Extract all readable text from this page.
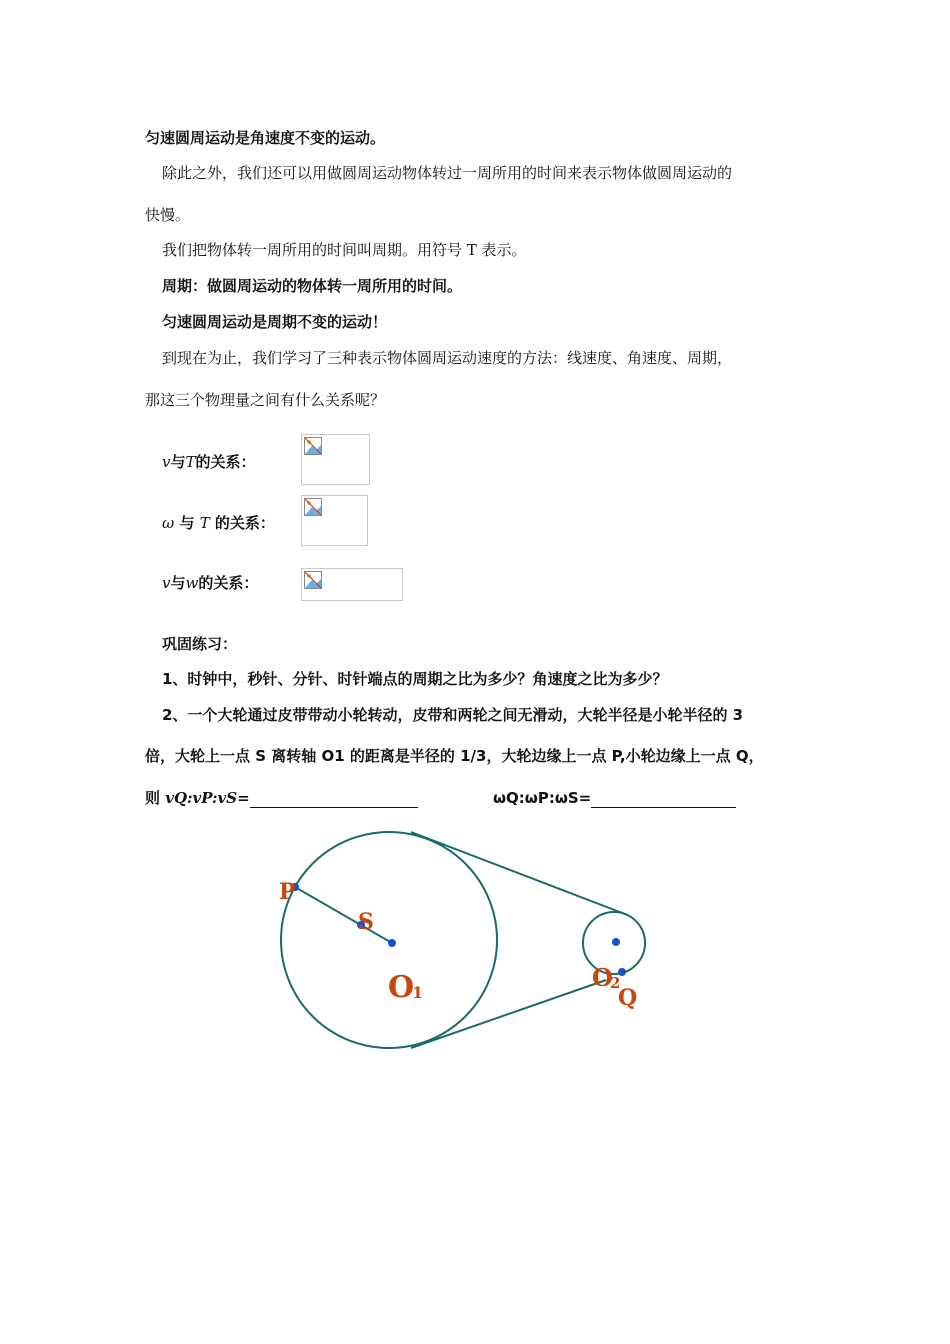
匀速圆周运动是角速度不变的运动。
除此之外，我们还可以用做圆周运动物体转过一周所用的时间来表示物体做圆周运动的
快慢。
我们把物体转一周所用的时间叫周期。用符号 T 表示。
周期：做圆周运动的物体转一周所用的时间。
匀速圆周运动是周期不变的运动！
到现在为止，我们学习了三种表示物体圆周运动速度的方法：线速度、角速度、周期，
那这三个物理量之间有什么关系呢？
v与T的关系：
ω 与 T 的关系：
v与w的关系：
巩固练习：
1、时钟中，秒针、分针、时针端点的周期之比为多少？角速度之比为多少？
2、一个大轮通过皮带带动小轮转动，皮带和两轮之间无滑动，大轮半径是小轮半径的 3
倍，大轮上一点 S 离转轴 O1 的距离是半径的 1/3，大轮边缘上一点 P,小轮边缘上一点 Q，
则 vQ:vP:vS=	ωQ:ωP:ωS=
P
S
O
1
O
2
Q
